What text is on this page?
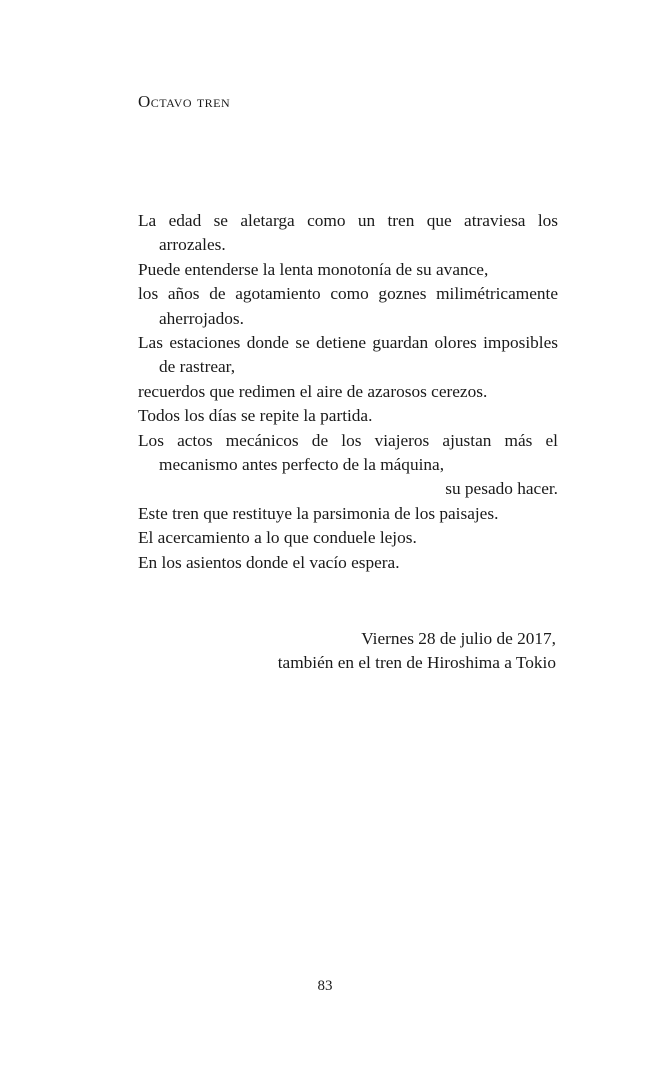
Octavo tren
La edad se aletarga como un tren que atraviesa los
arrozales.
Puede entenderse la lenta monotonía de su avance,
los años de agotamiento como goznes milimétricamente
aherrojados.
Las estaciones donde se detiene guardan olores imposibles
de rastrear,
recuerdos que redimen el aire de azarosos cerezos.
Todos los días se repite la partida.
Los actos mecánicos de los viajeros ajustan más el
mecanismo antes perfecto de la máquina,
su pesado hacer.
Este tren que restituye la parsimonia de los paisajes.
El acercamiento a lo que conduele lejos.
En los asientos donde el vacío espera.
Viernes 28 de julio de 2017,
también en el tren de Hiroshima a Tokio
83
